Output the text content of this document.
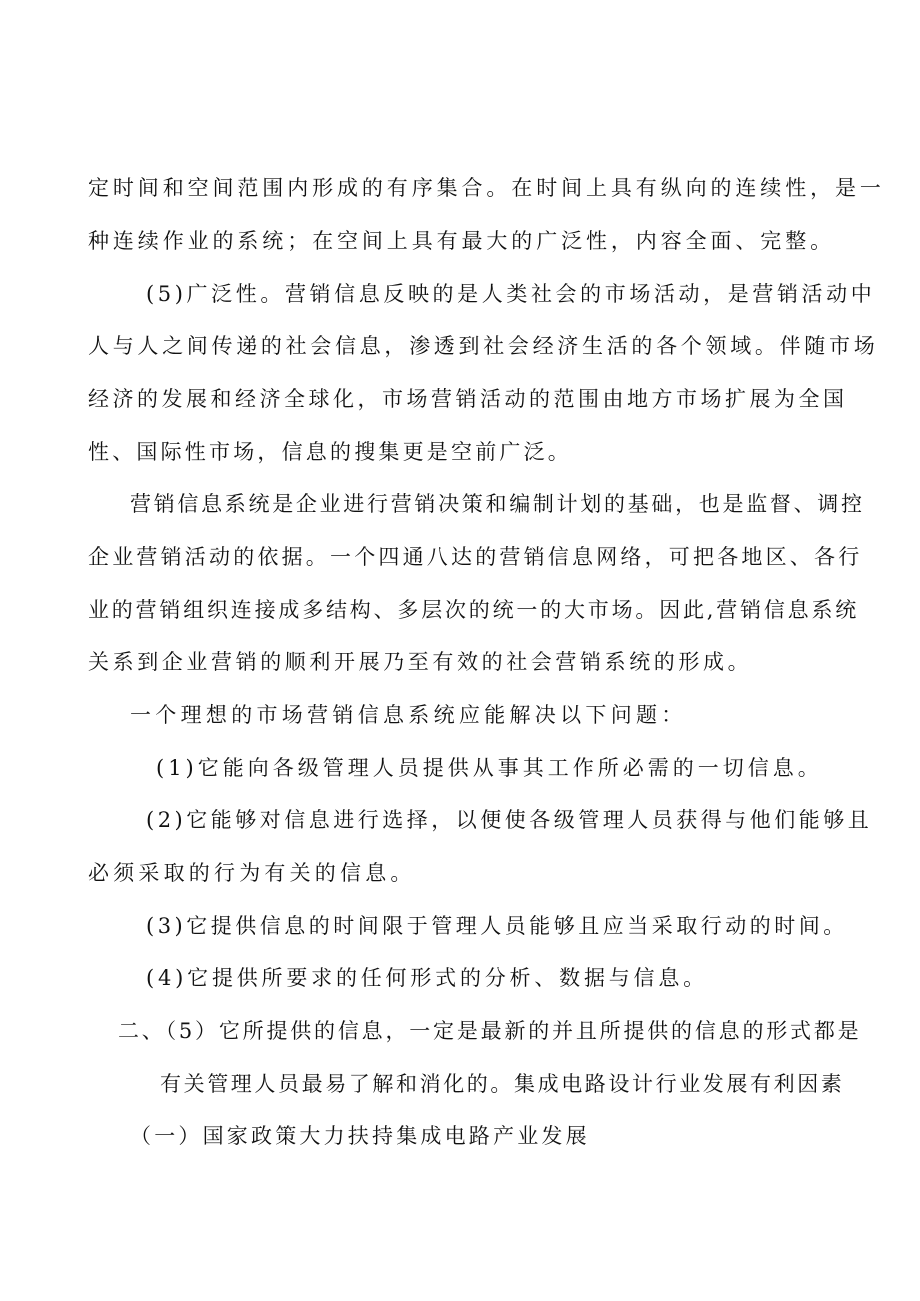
定时间和空间范围内形成的有序集合。在时间上具有纵向的连续性，是一
种连续作业的系统；在空间上具有最大的广泛性，内容全面、完整。
(5)广泛性。营销信息反映的是人类社会的市场活动，是营销活动中
人与人之间传递的社会信息，渗透到社会经济生活的各个领域。伴随市场
经济的发展和经济全球化，市场营销活动的范围由地方市场扩展为全国
性、国际性市场，信息的搜集更是空前广泛。
营销信息系统是企业进行营销决策和编制计划的基础，也是监督、调控
企业营销活动的依据。一个四通八达的营销信息网络，可把各地区、各行
业的营销组织连接成多结构、多层次的统一的大市场。因此,营销信息系统
关系到企业营销的顺利开展乃至有效的社会营销系统的形成。
一个理想的市场营销信息系统应能解决以下问题：
(1)它能向各级管理人员提供从事其工作所必需的一切信息。
(2)它能够对信息进行选择，以便使各级管理人员获得与他们能够且
必须采取的行为有关的信息。
(3)它提供信息的时间限于管理人员能够且应当采取行动的时间。
(4)它提供所要求的任何形式的分析、数据与信息。
二、（5）它所提供的信息，一定是最新的并且所提供的信息的形式都是
有关管理人员最易了解和消化的。集成电路设计行业发展有利因素
（一）国家政策大力扶持集成电路产业发展
